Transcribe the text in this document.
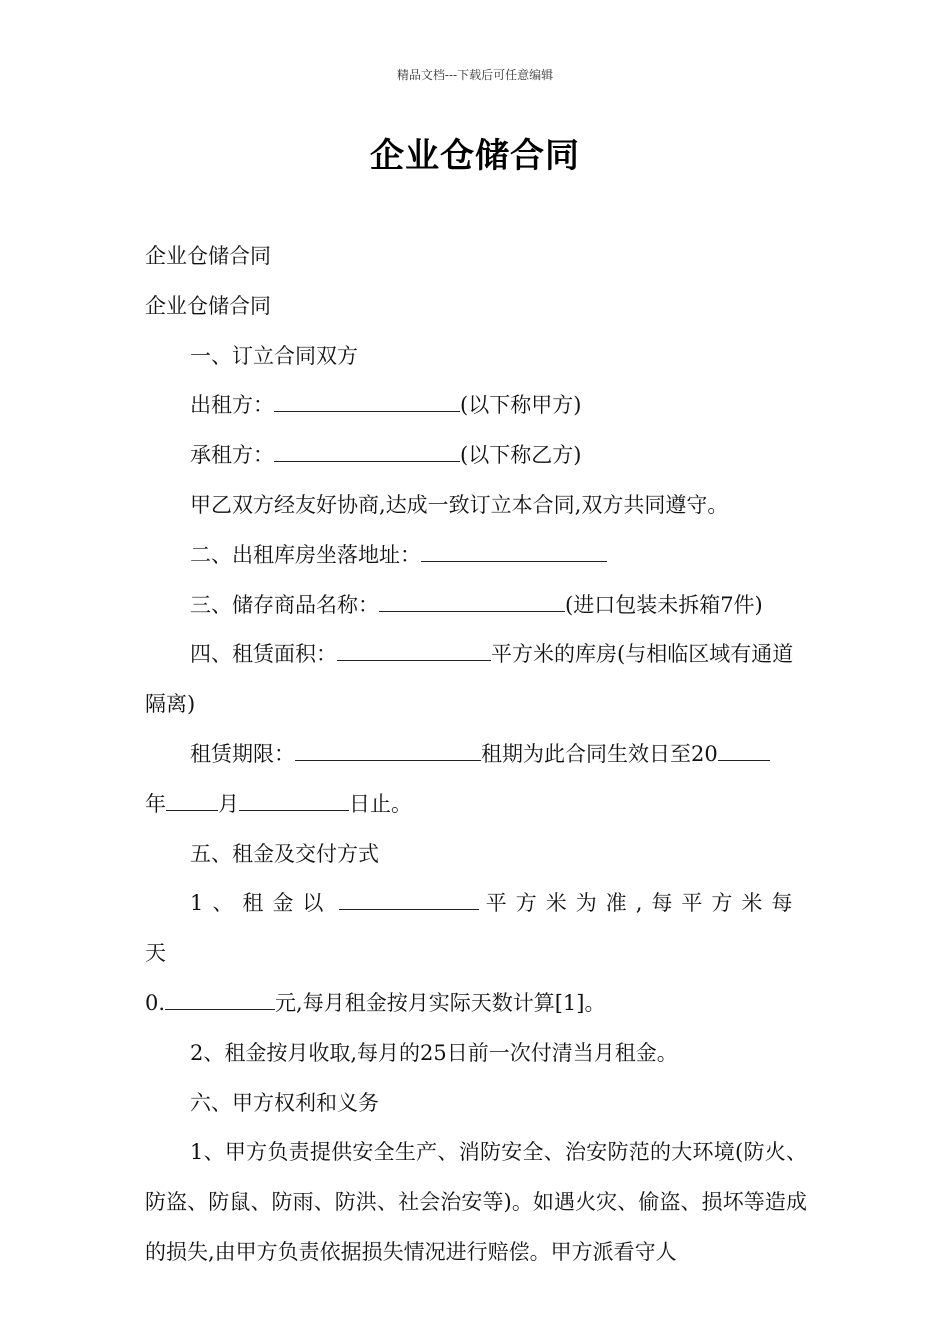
精品文档---下载后可任意编辑
企业仓储合同

企业仓储合同

企业仓储合同

一、订立合同双方

出租方：	(以下称甲方)

承租方：	(以下称乙方)

甲乙双方经友好协商,达成一致订立本合同,双方共同遵守。

二、出租库房坐落地址：

三、储存商品名称：	(进口包装未拆箱7件)

四、租赁面积：	平方米的库房(与相临区域有通道隔离)

租赁期限：	租期为此合同生效日至20
年 月	日止。

五、租金及交付方式

1、租金以	平方米为准,每平方米每天
0.	元,每月租金按月实际天数计算[1]。

2、租金按月收取,每月的25日前一次付清当月租金。

六、甲方权利和义务

1、甲方负责提供安全生产、消防安全、治安防范的大环境(防火、防盗、防鼠、防雨、防洪、社会治安等)。如遇火灾、偷盗、损坏等造成的损失,由甲方负责依据损失情况进行赔偿。甲方派看守人
